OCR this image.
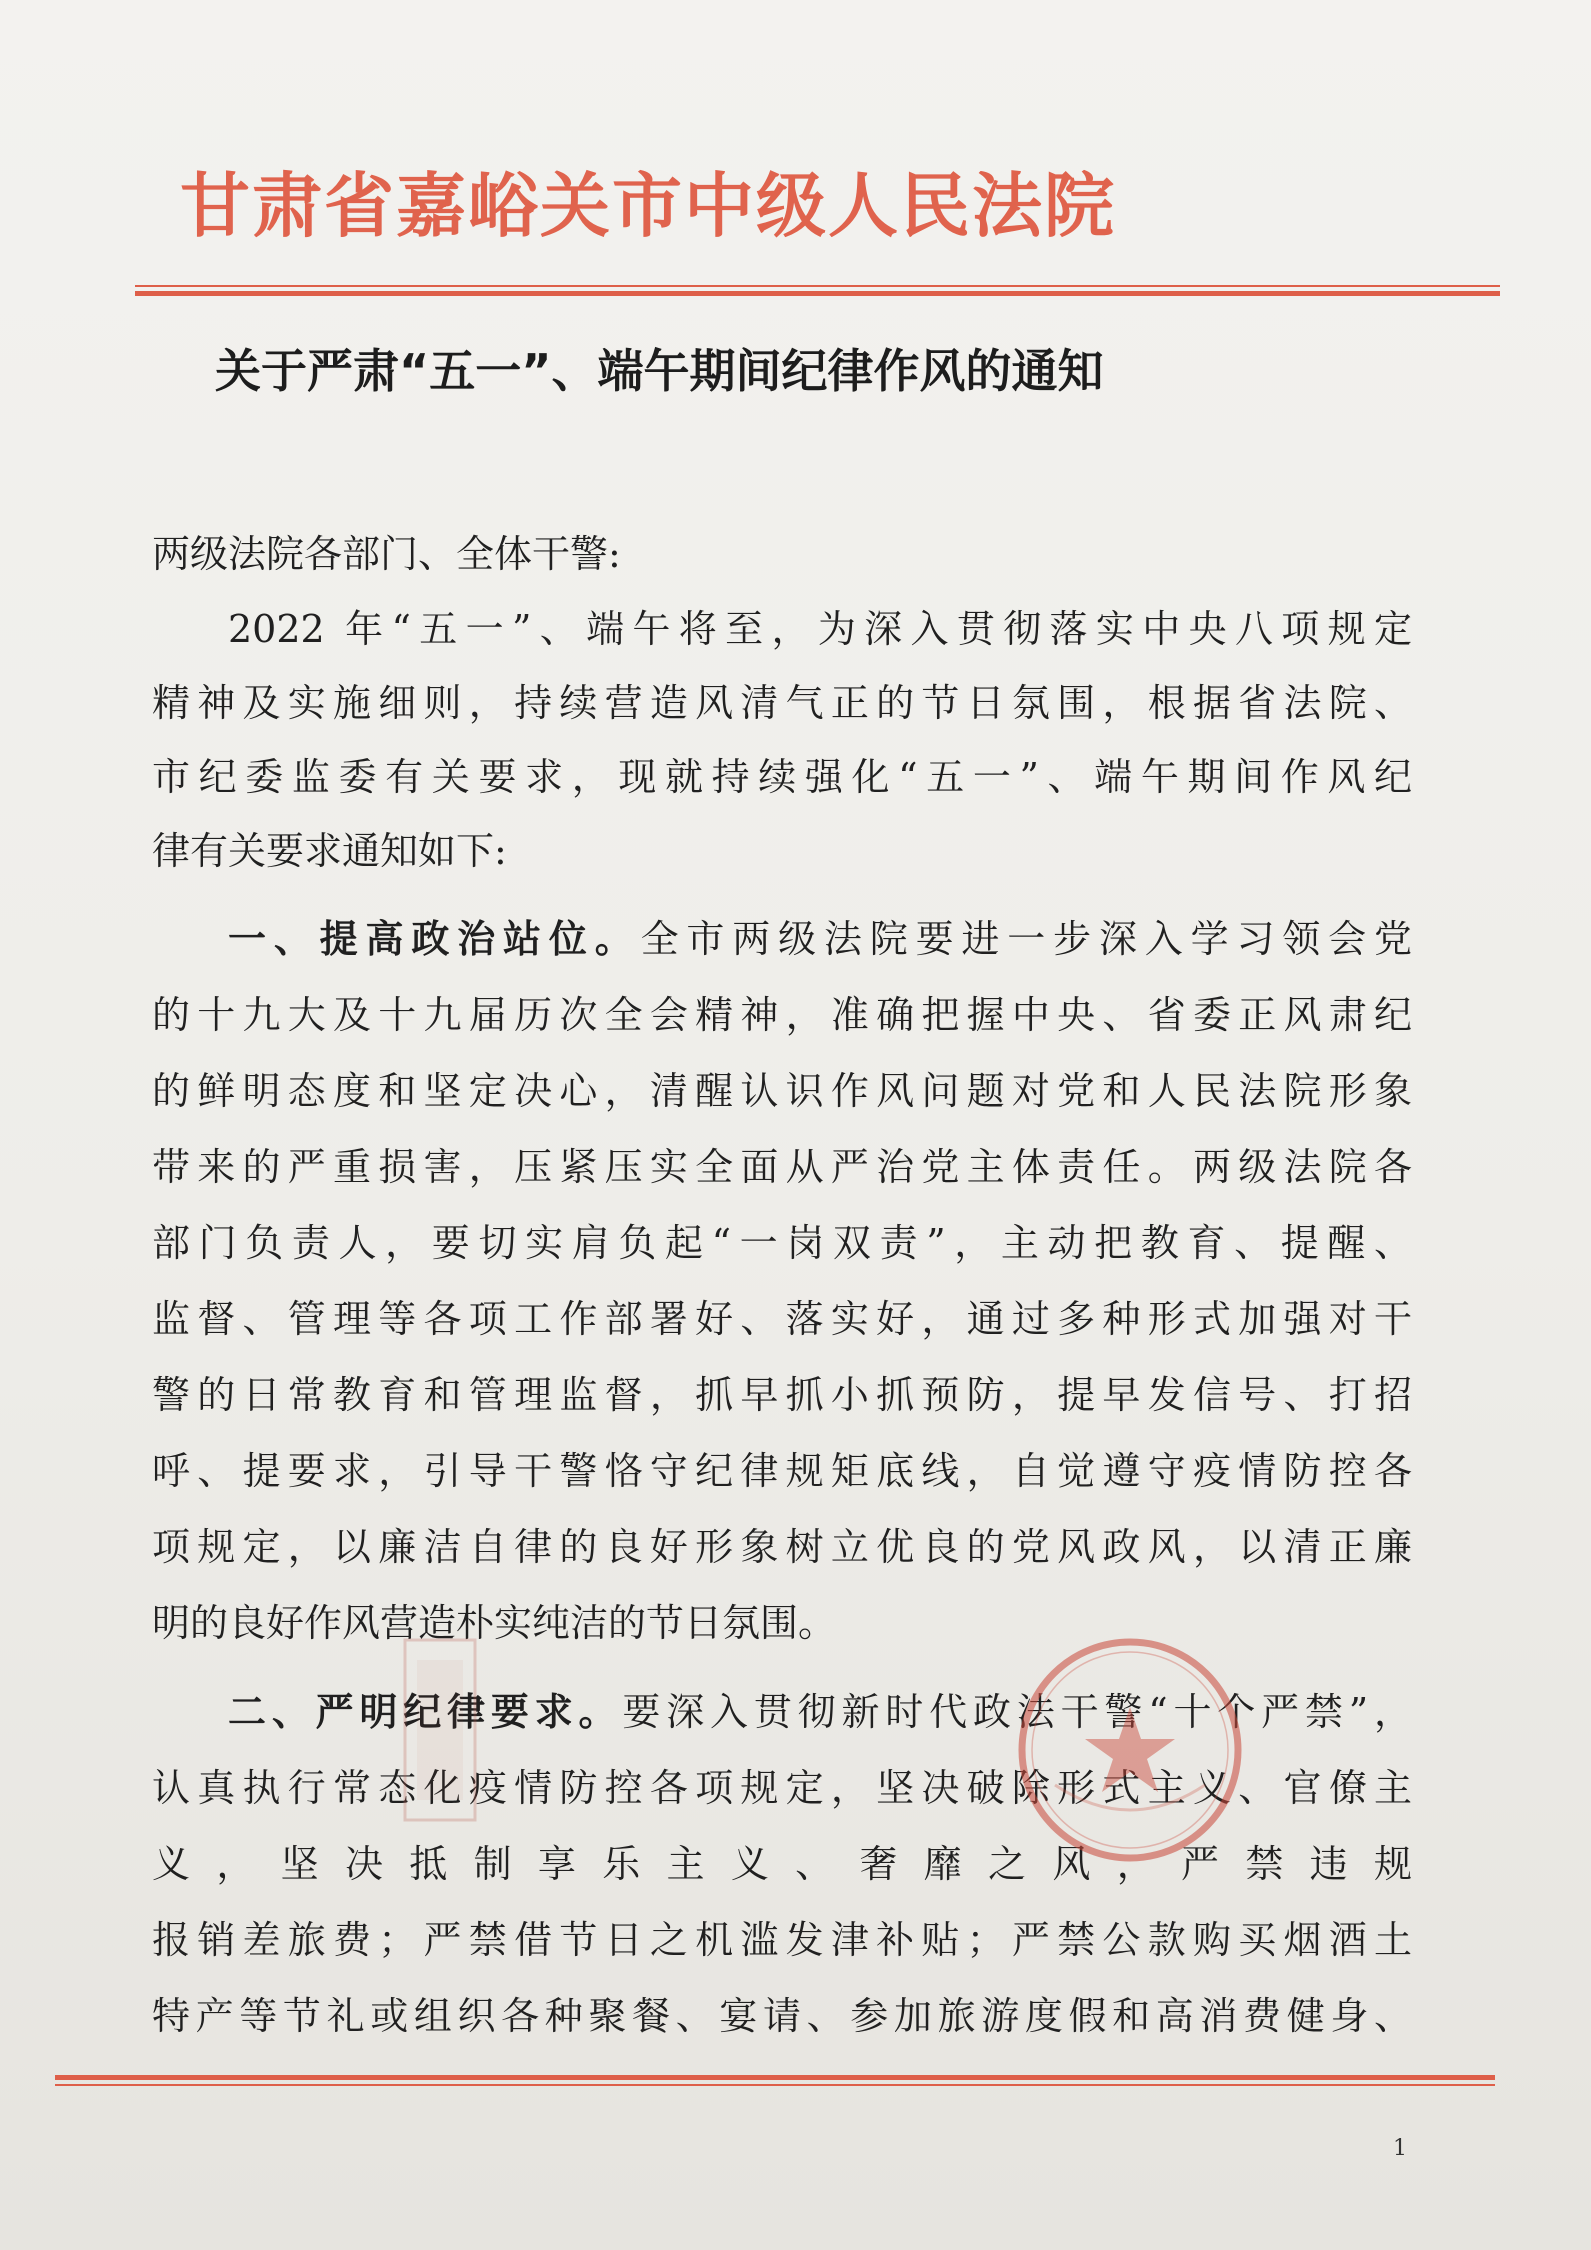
甘肃省嘉峪关市中级人民法院
关于严肃“五一”、端午期间纪律作风的通知
两级法院各部门、全体干警:
2022 年“五一”、端午将至，为深入贯彻落实中央八项规定
精神及实施细则，持续营造风清气正的节日氛围，根据省法院、
市纪委监委有关要求，现就持续强化“五一”、端午期间作风纪
律有关要求通知如下:
一、提高政治站位。全市两级法院要进一步深入学习领会党
的十九大及十九届历次全会精神，准确把握中央、省委正风肃纪
的鲜明态度和坚定决心，清醒认识作风问题对党和人民法院形象
带来的严重损害，压紧压实全面从严治党主体责任。两级法院各
部门负责人，要切实肩负起“一岗双责”，主动把教育、提醒、
监督、管理等各项工作部署好、落实好，通过多种形式加强对干
警的日常教育和管理监督，抓早抓小抓预防，提早发信号、打招
呼、提要求，引导干警恪守纪律规矩底线，自觉遵守疫情防控各
项规定，以廉洁自律的良好形象树立优良的党风政风，以清正廉
明的良好作风营造朴实纯洁的节日氛围。
二、严明纪律要求。要深入贯彻新时代政法干警“十个严禁”，
认真执行常态化疫情防控各项规定，坚决破除形式主义、官僚主
义，坚决抵制享乐主义、奢靡之风，严禁违规
报销差旅费；严禁借节日之机滥发津补贴；严禁公款购买烟酒土
特产等节礼或组织各种聚餐、宴请、参加旅游度假和高消费健身、
1
